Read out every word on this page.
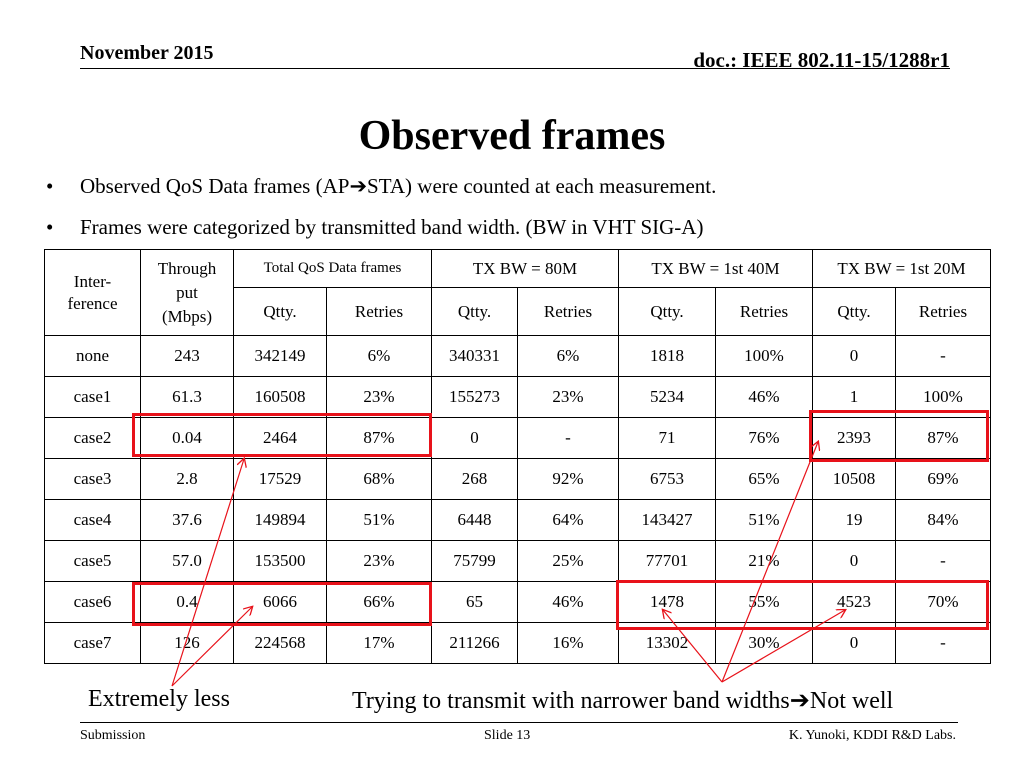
November 2015	doc.: IEEE 802.11-15/1288r1
Observed frames
• Observed QoS Data frames (AP➔STA) were counted at each measurement.
• Frames were categorized by transmitted band width. (BW in VHT SIG-A)
Inter-
ference	Through
put
(Mbps)	Total QoS Data frames		TX BW = 80M		TX BW = 1st 40M		TX BW = 1st 20M	
		Qtty.	Retries	Qtty.	Retries	Qtty.	Retries	Qtty.	Retries
none	243	342149	6%	340331	6%	1818	100%	0	-
case1	61.3	160508	23%	155273	23%	5234	46%	1	100%
case2	0.04	2464	87%	0	-	71	76%	2393	87%
case3	2.8	17529	68%	268	92%	6753	65%	10508	69%
case4	37.6	149894	51%	6448	64%	143427	51%	19	84%
case5	57.0	153500	23%	75799	25%	77701	21%	0	-
case6	0.4	6066	66%	65	46%	1478	55%	4523	70%
case7	126	224568	17%	211266	16%	13302	30%	0	-
Extremely less	Trying to transmit with narrower band widths➔Not well
Submission	Slide 13	K. Yunoki, KDDI R&D Labs.
